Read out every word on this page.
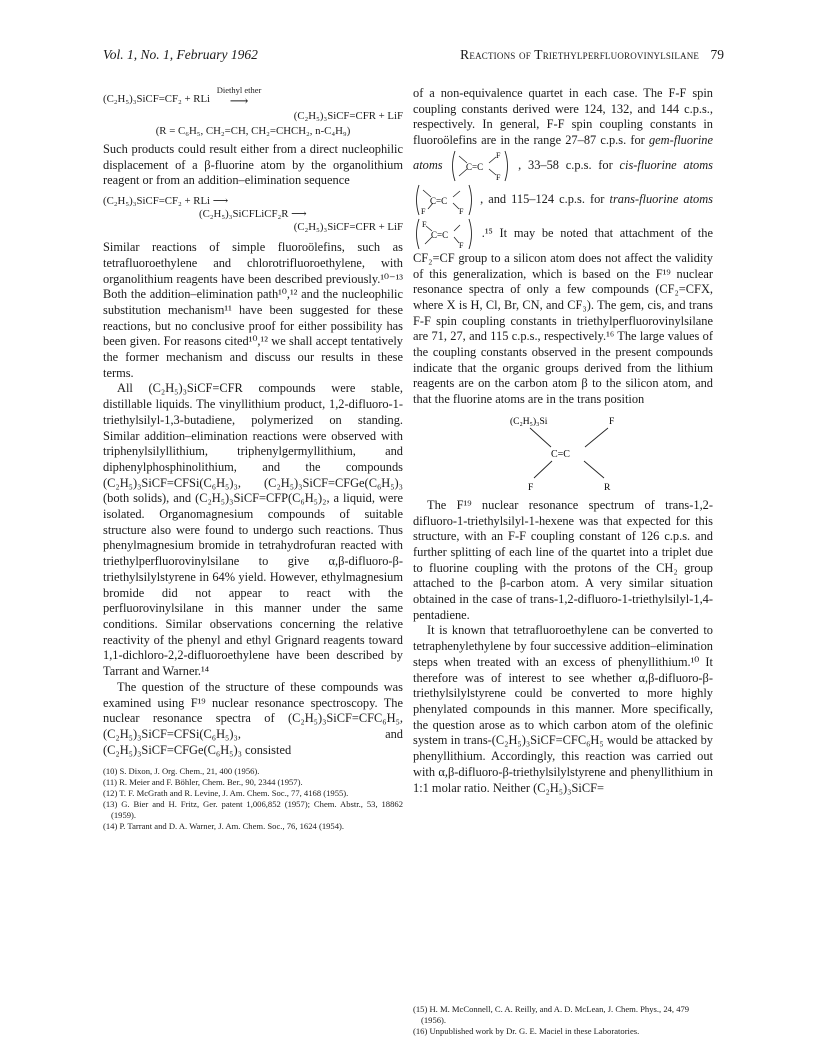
Vol. 1, No. 1, February 1962	Reactions of Triethylperfluorovinylsilane 79
(C₂H₅)₃SiCF=CF₂ + RLi
Diethyl ether
⟶
(C₂H₅)₃SiCF=CFR + LiF
(R = C₆H₅, CH₂=CH, CH₂=CHCH₂, n-C₄H₉)

Such products could result either from a direct nucleophilic displacement of a β-fluorine atom by the organolithium reagent or from an addition–elimination sequence

(C₂H₅)₃SiCF=CF₂ + RLi ⟶
(C₂H₅)₃SiCFLiCF₂R ⟶
(C₂H₅)₃SiCF=CFR + LiF

Similar reactions of simple fluoroölefins, such as tetrafluoroethylene and chlorotrifluoroethylene, with organolithium reagents have been described previously.¹⁰⁻¹³ Both the addition–elimination path¹⁰,¹² and the nucleophilic substitution mechanism¹¹ have been suggested for these reactions, but no conclusive proof for either possibility has been given. For reasons cited¹⁰,¹² we shall accept tentatively the former mechanism and discuss our results in these terms.

All (C₂H₅)₃SiCF=CFR compounds were stable, distillable liquids. The vinyllithium product, 1,2-difluoro-1-triethylsilyl-1,3-butadiene, polymerized on standing. Similar addition–elimination reactions were observed with triphenylsilyllithium, triphenylgermyllithium, and diphenylphosphinolithium, and the compounds (C₂H₅)₃SiCF=CFSi(C₆H₅)₃, (C₂H₅)₃SiCF=CFGe(C₆H₅)₃ (both solids), and (C₂H₅)₃SiCF=CFP(C₆H₅)₂, a liquid, were isolated. Organomagnesium compounds of suitable structure also were found to undergo such reactions. Thus phenylmagnesium bromide in tetrahydrofuran reacted with triethylperfluorovinylsilane to give α,β-difluoro-β-triethylsilylstyrene in 64% yield. However, ethylmagnesium bromide did not appear to react with the perfluorovinylsilane in this manner under the same conditions. Similar observations concerning the relative reactivity of the phenyl and ethyl Grignard reagents toward 1,1-dichloro-2,2-difluoroethylene have been described by Tarrant and Warner.¹⁴

The question of the structure of these compounds was examined using F¹⁹ nuclear resonance spectroscopy. The nuclear resonance spectra of (C₂H₅)₃SiCF=CFC₆H₅, (C₂H₅)₃SiCF=CFSi(C₆H₅)₃, and (C₂H₅)₃SiCF=CFGe(C₆H₅)₃ consisted

(10) S. Dixon, J. Org. Chem., 21, 400 (1956).
(11) R. Meier and F. Böhler, Chem. Ber., 90, 2344 (1957).
(12) T. F. McGrath and R. Levine, J. Am. Chem. Soc., 77, 4168 (1955).
(13) G. Bier and H. Fritz, Ger. patent 1,006,852 (1957); Chem. Abstr., 53, 18862 (1959).
(14) P. Tarrant and D. A. Warner, J. Am. Chem. Soc., 76, 1624 (1954).

of a non-equivalence quartet in each case. The F-F spin coupling constants derived were 124, 132, and 144 c.p.s., respectively. In general, F-F spin coupling constants in fluoroölefins are in the range 27–87 c.p.s. for gem-fluorine atoms	C=C
F
F
, 33–58 c.p.s. for cis-fluorine atoms
F
C=C
F
, and 115–124 c.p.s. for trans-fluorine atoms
F
C=C
F
.¹⁵ It may be noted that attachment of the CF₂=CF group to a silicon atom does not affect the validity of this generalization, which is based on the F¹⁹ nuclear resonance spectra of only a few compounds (CF₂=CFX, where X is H, Cl, Br, CN, and CF₃). The gem, cis, and trans F-F spin coupling constants in triethylperfluorovinylsilane are 71, 27, and 115 c.p.s., respectively.¹⁶ The large values of the coupling constants observed in the present compounds indicate that the organic groups derived from the lithium reagents are on the carbon atom β to the silicon atom, and that the fluorine atoms are in the trans position

(C₂H₅)₃Si	F
C=C
F	R

The F¹⁹ nuclear resonance spectrum of trans-1,2-difluoro-1-triethylsilyl-1-hexene was that expected for this structure, with an F-F coupling constant of 126 c.p.s. and further splitting of each line of the quartet into a triplet due to fluorine coupling with the protons of the CH₂ group attached to the β-carbon atom. A very similar situation obtained in the case of trans-1,2-difluoro-1-triethylsilyl-1,4-pentadiene.

It is known that tetrafluoroethylene can be converted to tetraphenylethylene by four successive addition–elimination steps when treated with an excess of phenyllithium.¹⁰ It therefore was of interest to see whether α,β-difluoro-β-triethylsilylstyrene could be converted to more highly phenylated compounds in this manner. More specifically, the question arose as to which carbon atom of the olefinic system in trans-(C₂H₅)₃SiCF=CFC₆H₅ would be attacked by phenyllithium. Accordingly, this reaction was carried out with α,β-difluoro-β-triethylsilylstyrene and phenyllithium in 1:1 molar ratio. Neither (C₂H₅)₃SiCF=

(15) H. M. McConnell, C. A. Reilly, and A. D. McLean, J. Chem. Phys., 24, 479 (1956).
(16) Unpublished work by Dr. G. E. Maciel in these Laboratories.
